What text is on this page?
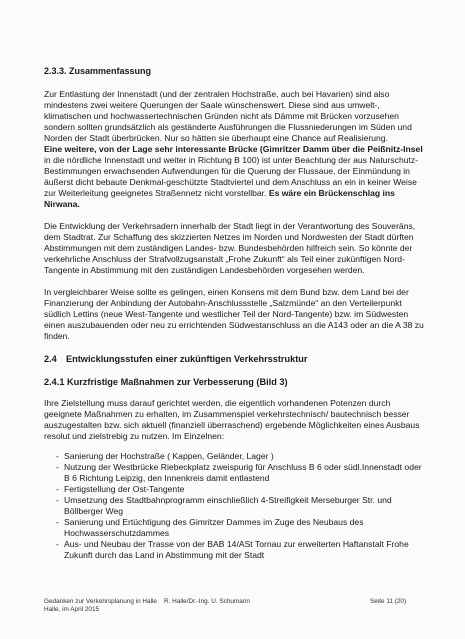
2.3.3. Zusammenfassung

Zur Entlastung der Innenstadt (und der zentralen Hochstraße, auch bei Havarien) sind also mindestens zwei weitere Querungen der Saale wünschenswert. Diese sind aus umwelt-, klimatischen und hochwassertechnischen Gründen nicht als Dämme mit Brücken vorzusehen sondern sollten grundsätzlich als geständerte Ausführungen die Flussniederungen im Süden und Norden der Stadt überbrücken. Nur so hätten sie überhaupt eine Chance auf Realisierung.
Eine weitere, von der Lage sehr interessante Brücke (Gimritzer Damm über die Peißnitz-Insel in die nördliche Innenstadt und weiter in Richtung B 100) ist unter Beachtung der aus Naturschutz-Bestimmungen erwachsenden Aufwendungen für die Querung der Flussaue, der Einmündung in äußerst dicht bebaute Denkmal-geschützte Stadtviertel und dem Anschluss an ein in keiner Weise zur Weiterleitung geeignetes Straßennetz nicht vorstellbar. Es wäre ein Brückenschlag ins Nirwana.

Die Entwicklung der Verkehrsadern innerhalb der Stadt liegt in der Verantwortung des Souveräns, dem Stadtrat. Zur Schaffung des skizzierten Netzes im Norden und Nordwesten der Stadt dürften Abstimmungen mit dem zuständigen Landes- bzw. Bundesbehörden hilfreich sein. So könnte der verkehrliche Anschluss der Strafvollzugsanstalt „Frohe Zukunft“ als Teil einer zukünftigen Nord-Tangente in Abstimmung mit den zuständigen Landesbehörden vorgesehen werden.

In vergleichbarer Weise sollte es gelingen, einen Konsens mit dem Bund bzw. dem Land bei der Finanzierung der Anbindung der Autobahn-Anschlussstelle „Salzmünde“ an den Verteilerpunkt südlich Lettins (neue West-Tangente und westlicher Teil der Nord-Tangente) bzw. im Südwesten einen auszubauenden oder neu zu errichtenden Südwestanschluss an die A143 oder an die A 38 zu finden.

2.4 Entwicklungsstufen einer zukünftigen Verkehrsstruktur
2.4.1 Kurzfristige Maßnahmen zur Verbesserung (Bild 3)

Ihre Zielstellung muss darauf gerichtet werden, die eigentlich vorhandenen Potenzen durch geeignete Maßnahmen zu erhalten, im Zusammenspiel verkehrstechnisch/ bautechnisch besser auszugestalten bzw. sich aktuell (finanziell überraschend) ergebende Möglichkeiten eines Ausbaus resolut und zielstrebig zu nutzen. Im Einzelnen:

- Sanierung der Hochstraße ( Kappen, Geländer, Lager )
- Nutzung der Westbrücke Riebeckplatz zweispurig für Anschluss B 6 oder südl.Innenstadt oder B 6 Richtung Leipzig, den Innenkreis damit entlastend
- Fertigstellung der Ost-Tangente
- Umsetzung des Stadtbahnprogramm einschließlich 4-Streifigkeit Merseburger Str. und Böllberger Weg
- Sanierung und Ertüchtigung des Gimritzer Dammes im Zuge des Neubaus des Hochwasserschutzdammes
- Aus- und Neubau der Trasse von der BAB 14/ASt Tornau zur erweiterten Haftanstalt Frohe Zukunft durch das Land in Abstimmung mit der Stadt
Gedanken zur Verkehrsplanung in Halle	R. Halle/Dr.-Ing. U. Schumann	Seite 11 (20)
Halle, im April 2015
